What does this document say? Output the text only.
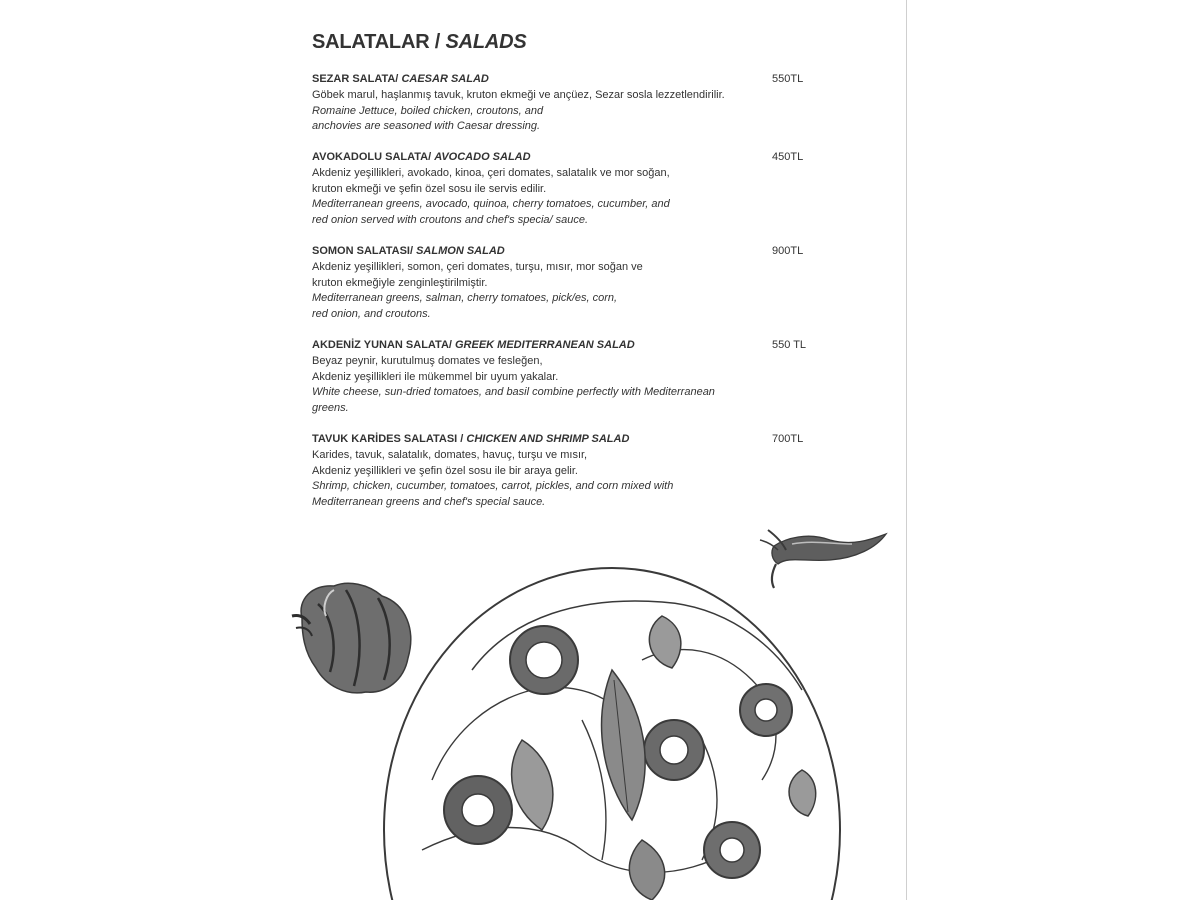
SALATALAR / SALADS
SEZAR SALATA/ CAESAR SALAD	550TL
Göbek marul, haşlanmış tavuk, kruton ekmeği ve ançüez, Sezar sosla lezzetlendirilir.
Romaine Jettuce, boiled chicken, croutons, and
anchovies are seasoned with Caesar dressing.
AVOKADOLU SALATA/ AVOCADO SALAD	450TL
Akdeniz yeşillikleri, avokado, kinoa, çeri domates, salatalık ve mor soğan,
kruton ekmeği ve şefin özel sosu ile servis edilir.
Mediterranean greens, avocado, quinoa, cherry tomatoes, cucumber, and
red onion served with croutons and chef's specia/ sauce.
SOMON SALATASI/ SALMON SALAD	900TL
Akdeniz yeşillikleri, somon, çeri domates, turşu, mısır, mor soğan ve
kruton ekmeğiyle zenginleştirilmiştir.
Mediterranean greens, salman, cherry tomatoes, pick/es, corn,
red onion, and croutons.
AKDENİZ YUNAN SALATA/ GREEK MEDITERRANEAN SALAD	550 TL
Beyaz peynir, kurutulmuş domates ve fesleğen,
Akdeniz yeşillikleri ile mükemmel bir uyum yakalar.
White cheese, sun-dried tomatoes, and basil combine perfectly with Mediterranean
greens.
TAVUK KARİDES SALATASI / CHICKEN AND SHRIMP SALAD	700TL
Karides, tavuk, salatalık, domates, havuç, turşu ve mısır,
Akdeniz yeşillikleri ve şefin özel sosu ile bir araya gelir.
Shrimp, chicken, cucumber, tomatoes, carrot, pickles, and corn mixed with
Mediterranean greens and chef's special sauce.
